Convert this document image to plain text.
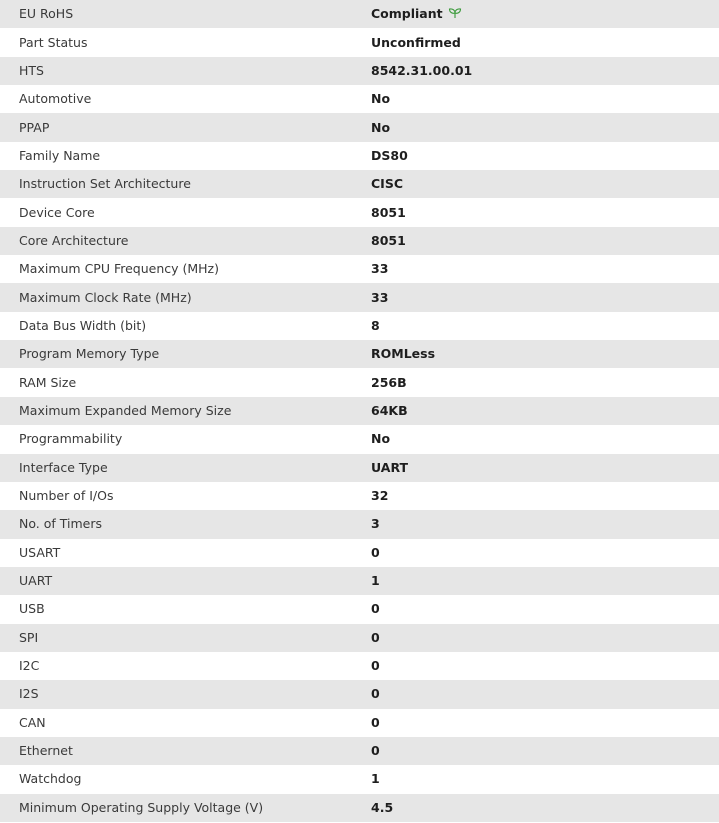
EU RoHS	Compliant
Part Status	Unconfirmed
HTS	8542.31.00.01
Automotive	No
PPAP	No
Family Name	DS80
Instruction Set Architecture	CISC
Device Core	8051
Core Architecture	8051
Maximum CPU Frequency (MHz)	33
Maximum Clock Rate (MHz)	33
Data Bus Width (bit)	8
Program Memory Type	ROMLess
RAM Size	256B
Maximum Expanded Memory Size	64KB
Programmability	No
Interface Type	UART
Number of I/Os	32
No. of Timers	3
USART	0
UART	1
USB	0
SPI	0
I2C	0
I2S	0
CAN	0
Ethernet	0
Watchdog	1
Minimum Operating Supply Voltage (V)	4.5
